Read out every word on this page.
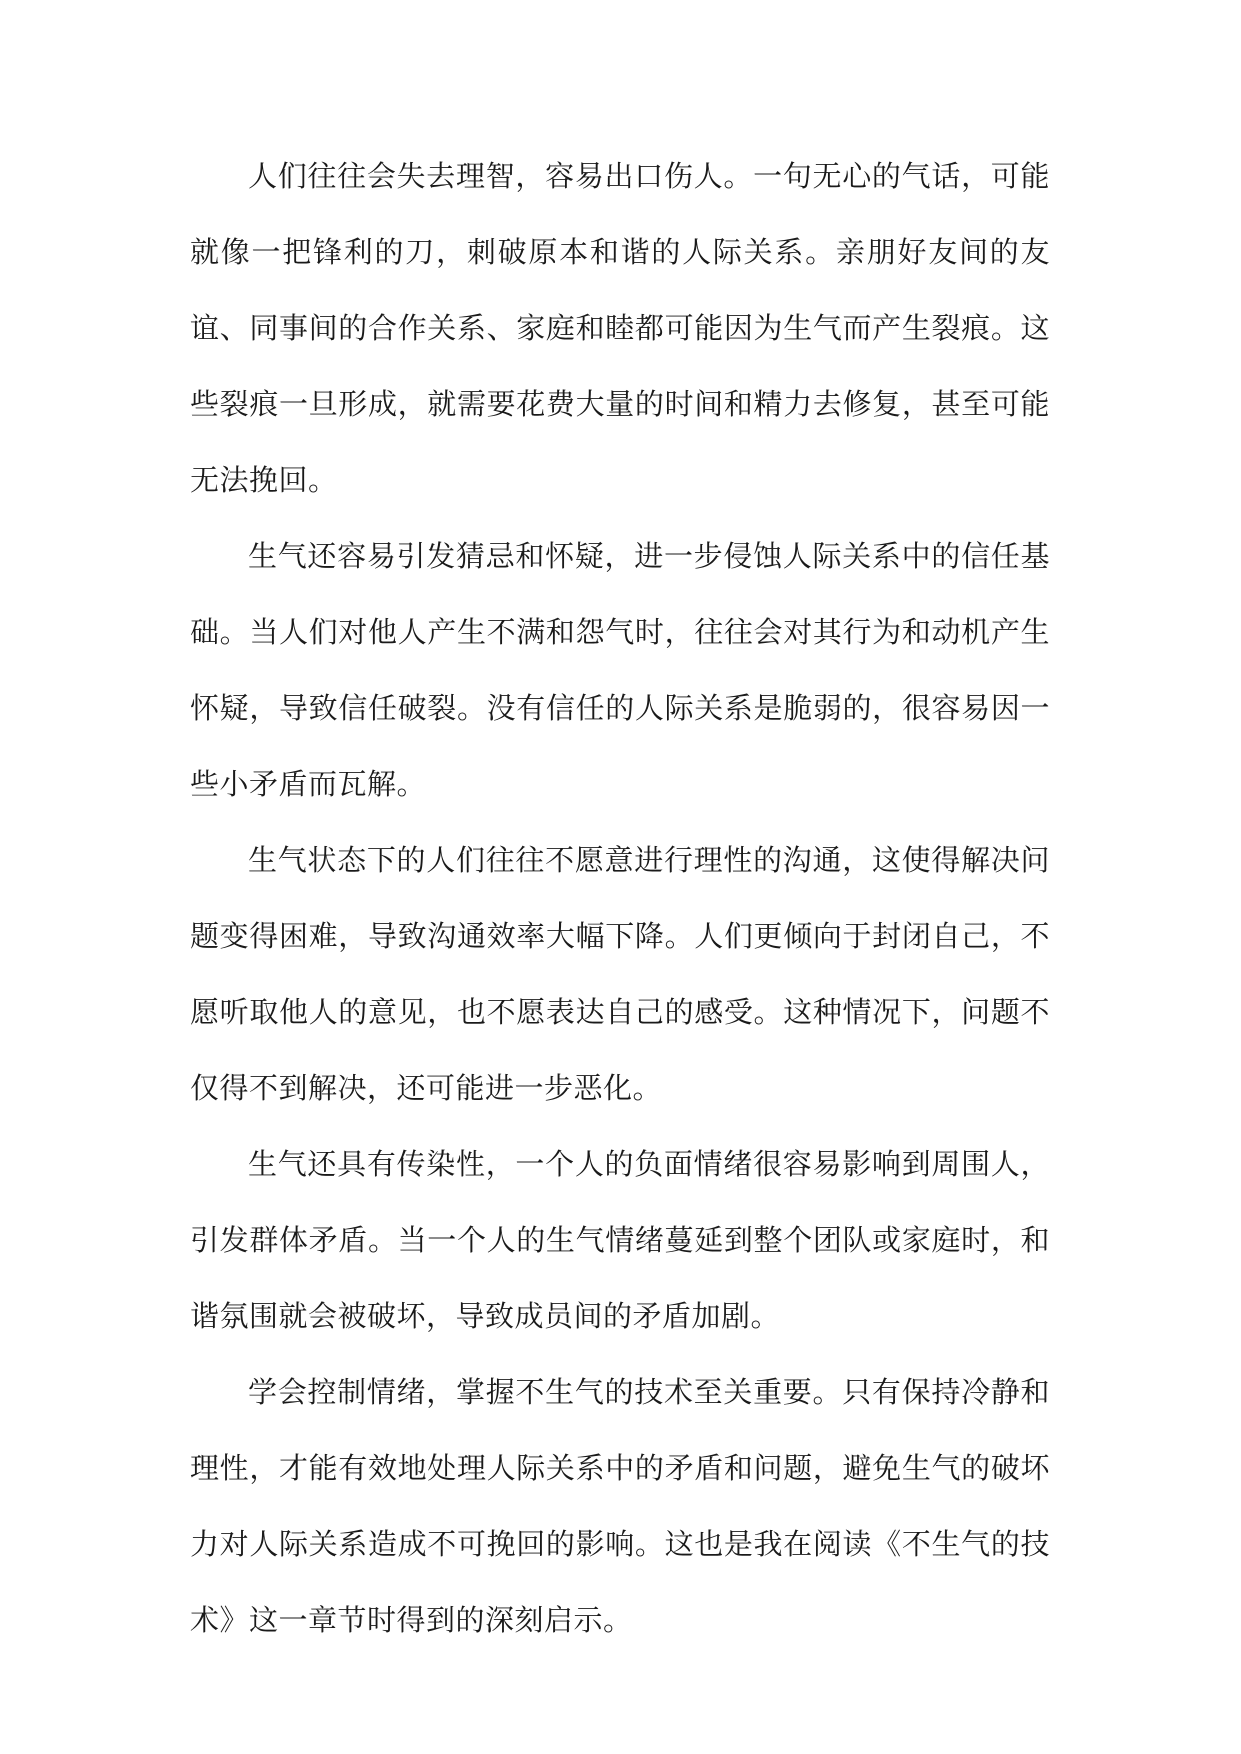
人们往往会失去理智，容易出口伤人。一句无心的气话，可能就像一把锋利的刀，刺破原本和谐的人际关系。亲朋好友间的友谊、同事间的合作关系、家庭和睦都可能因为生气而产生裂痕。这些裂痕一旦形成，就需要花费大量的时间和精力去修复，甚至可能无法挽回。

生气还容易引发猜忌和怀疑，进一步侵蚀人际关系中的信任基础。当人们对他人产生不满和怨气时，往往会对其行为和动机产生怀疑，导致信任破裂。没有信任的人际关系是脆弱的，很容易因一些小矛盾而瓦解。

生气状态下的人们往往不愿意进行理性的沟通，这使得解决问题变得困难，导致沟通效率大幅下降。人们更倾向于封闭自己，不愿听取他人的意见，也不愿表达自己的感受。这种情况下，问题不仅得不到解决，还可能进一步恶化。

生气还具有传染性，一个人的负面情绪很容易影响到周围人，引发群体矛盾。当一个人的生气情绪蔓延到整个团队或家庭时，和谐氛围就会被破坏，导致成员间的矛盾加剧。

学会控制情绪，掌握不生气的技术至关重要。只有保持冷静和理性，才能有效地处理人际关系中的矛盾和问题，避免生气的破坏力对人际关系造成不可挽回的影响。这也是我在阅读《不生气的技术》这一章节时得到的深刻启示。
